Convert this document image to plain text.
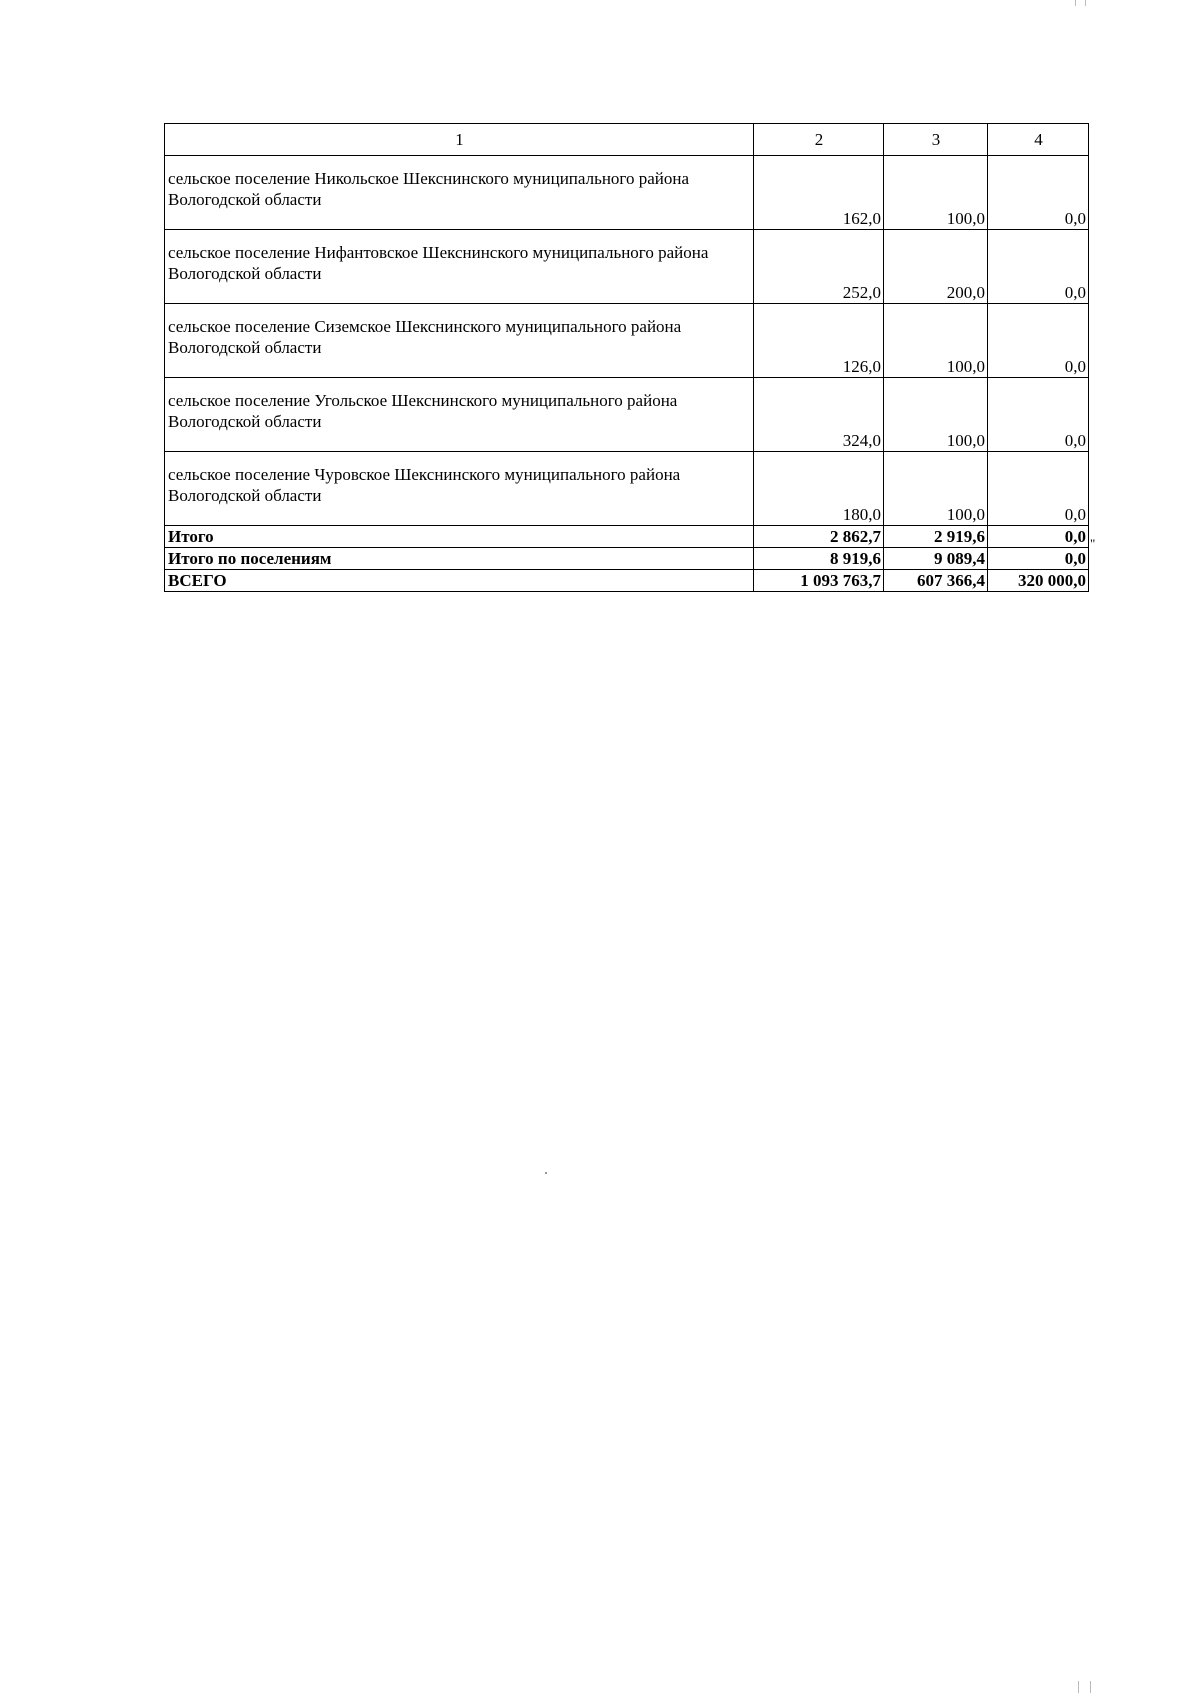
1	2	3	4
сельское поселение Никольское Шекснинского муниципального района Вологодской области	162,0	100,0	0,0
сельское поселение Нифантовское Шекснинского муниципального района Вологодской области	252,0	200,0	0,0
сельское поселение Сиземское Шекснинского муниципального района Вологодской области	126,0	100,0	0,0
сельское поселение Угольское Шекснинского муниципального района Вологодской области	324,0	100,0	0,0
сельское поселение Чуровское Шекснинского муниципального района Вологодской области	180,0	100,0	0,0
Итого	2 862,7	2 919,6	0,0
Итого по поселениям	8 919,6	9 089,4	0,0
ВСЕГО	1 093 763,7	607 366,4	320 000,0
"
